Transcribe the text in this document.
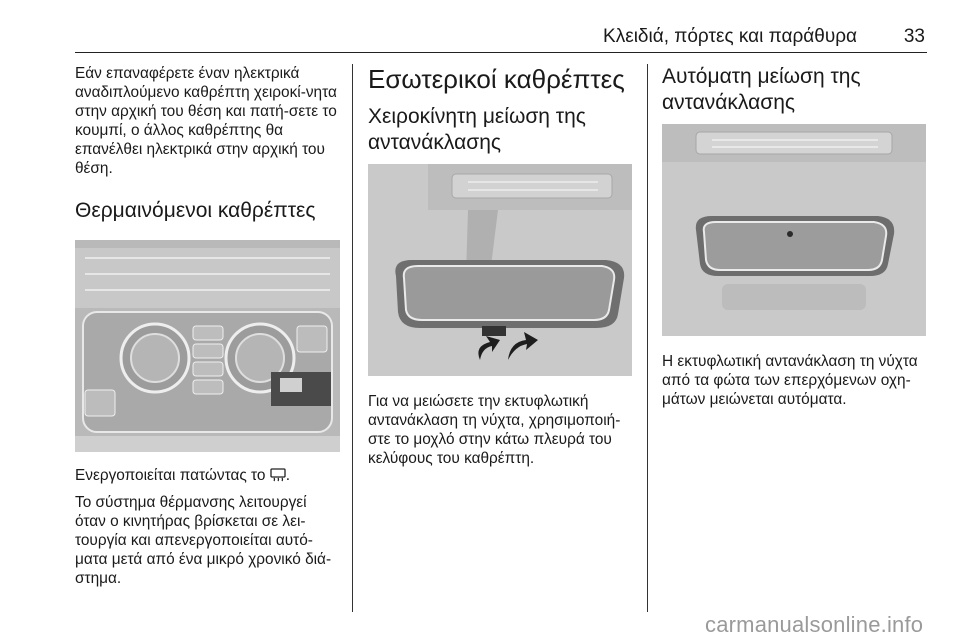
Κλειδιά, πόρτες και παράθυρα 33

Εάν επαναφέρετε έναν ηλεκτρικά αναδιπλούμενο καθρέπτη χειροκί-νητα στην αρχική του θέση και πατή-σετε το κουμπί, ο άλλος καθρέπτης θα επανέλθει ηλεκτρικά στην αρχική του θέση.

Θερμαινόμενοι καθρέπτες

Ενεργοποιείται πατώντας το .

Το σύστημα θέρμανσης λειτουργεί όταν ο κινητήρας βρίσκεται σε λει-τουργία και απενεργοποιείται αυτό-ματα μετά από ένα μικρό χρονικό διά-στημα.

Εσωτερικοί καθρέπτες
Χειροκίνητη μείωση της αντανάκλασης

Για να μειώσετε την εκτυφλωτική αντανάκλαση τη νύχτα, χρησιμοποιή-στε το μοχλό στην κάτω πλευρά του κελύφους του καθρέπτη.

Αυτόματη μείωση της αντανάκλασης

Η εκτυφλωτική αντανάκλαση τη νύχτα από τα φώτα των επερχόμενων οχη-μάτων μειώνεται αυτόματα.

carmanualsonline.info
